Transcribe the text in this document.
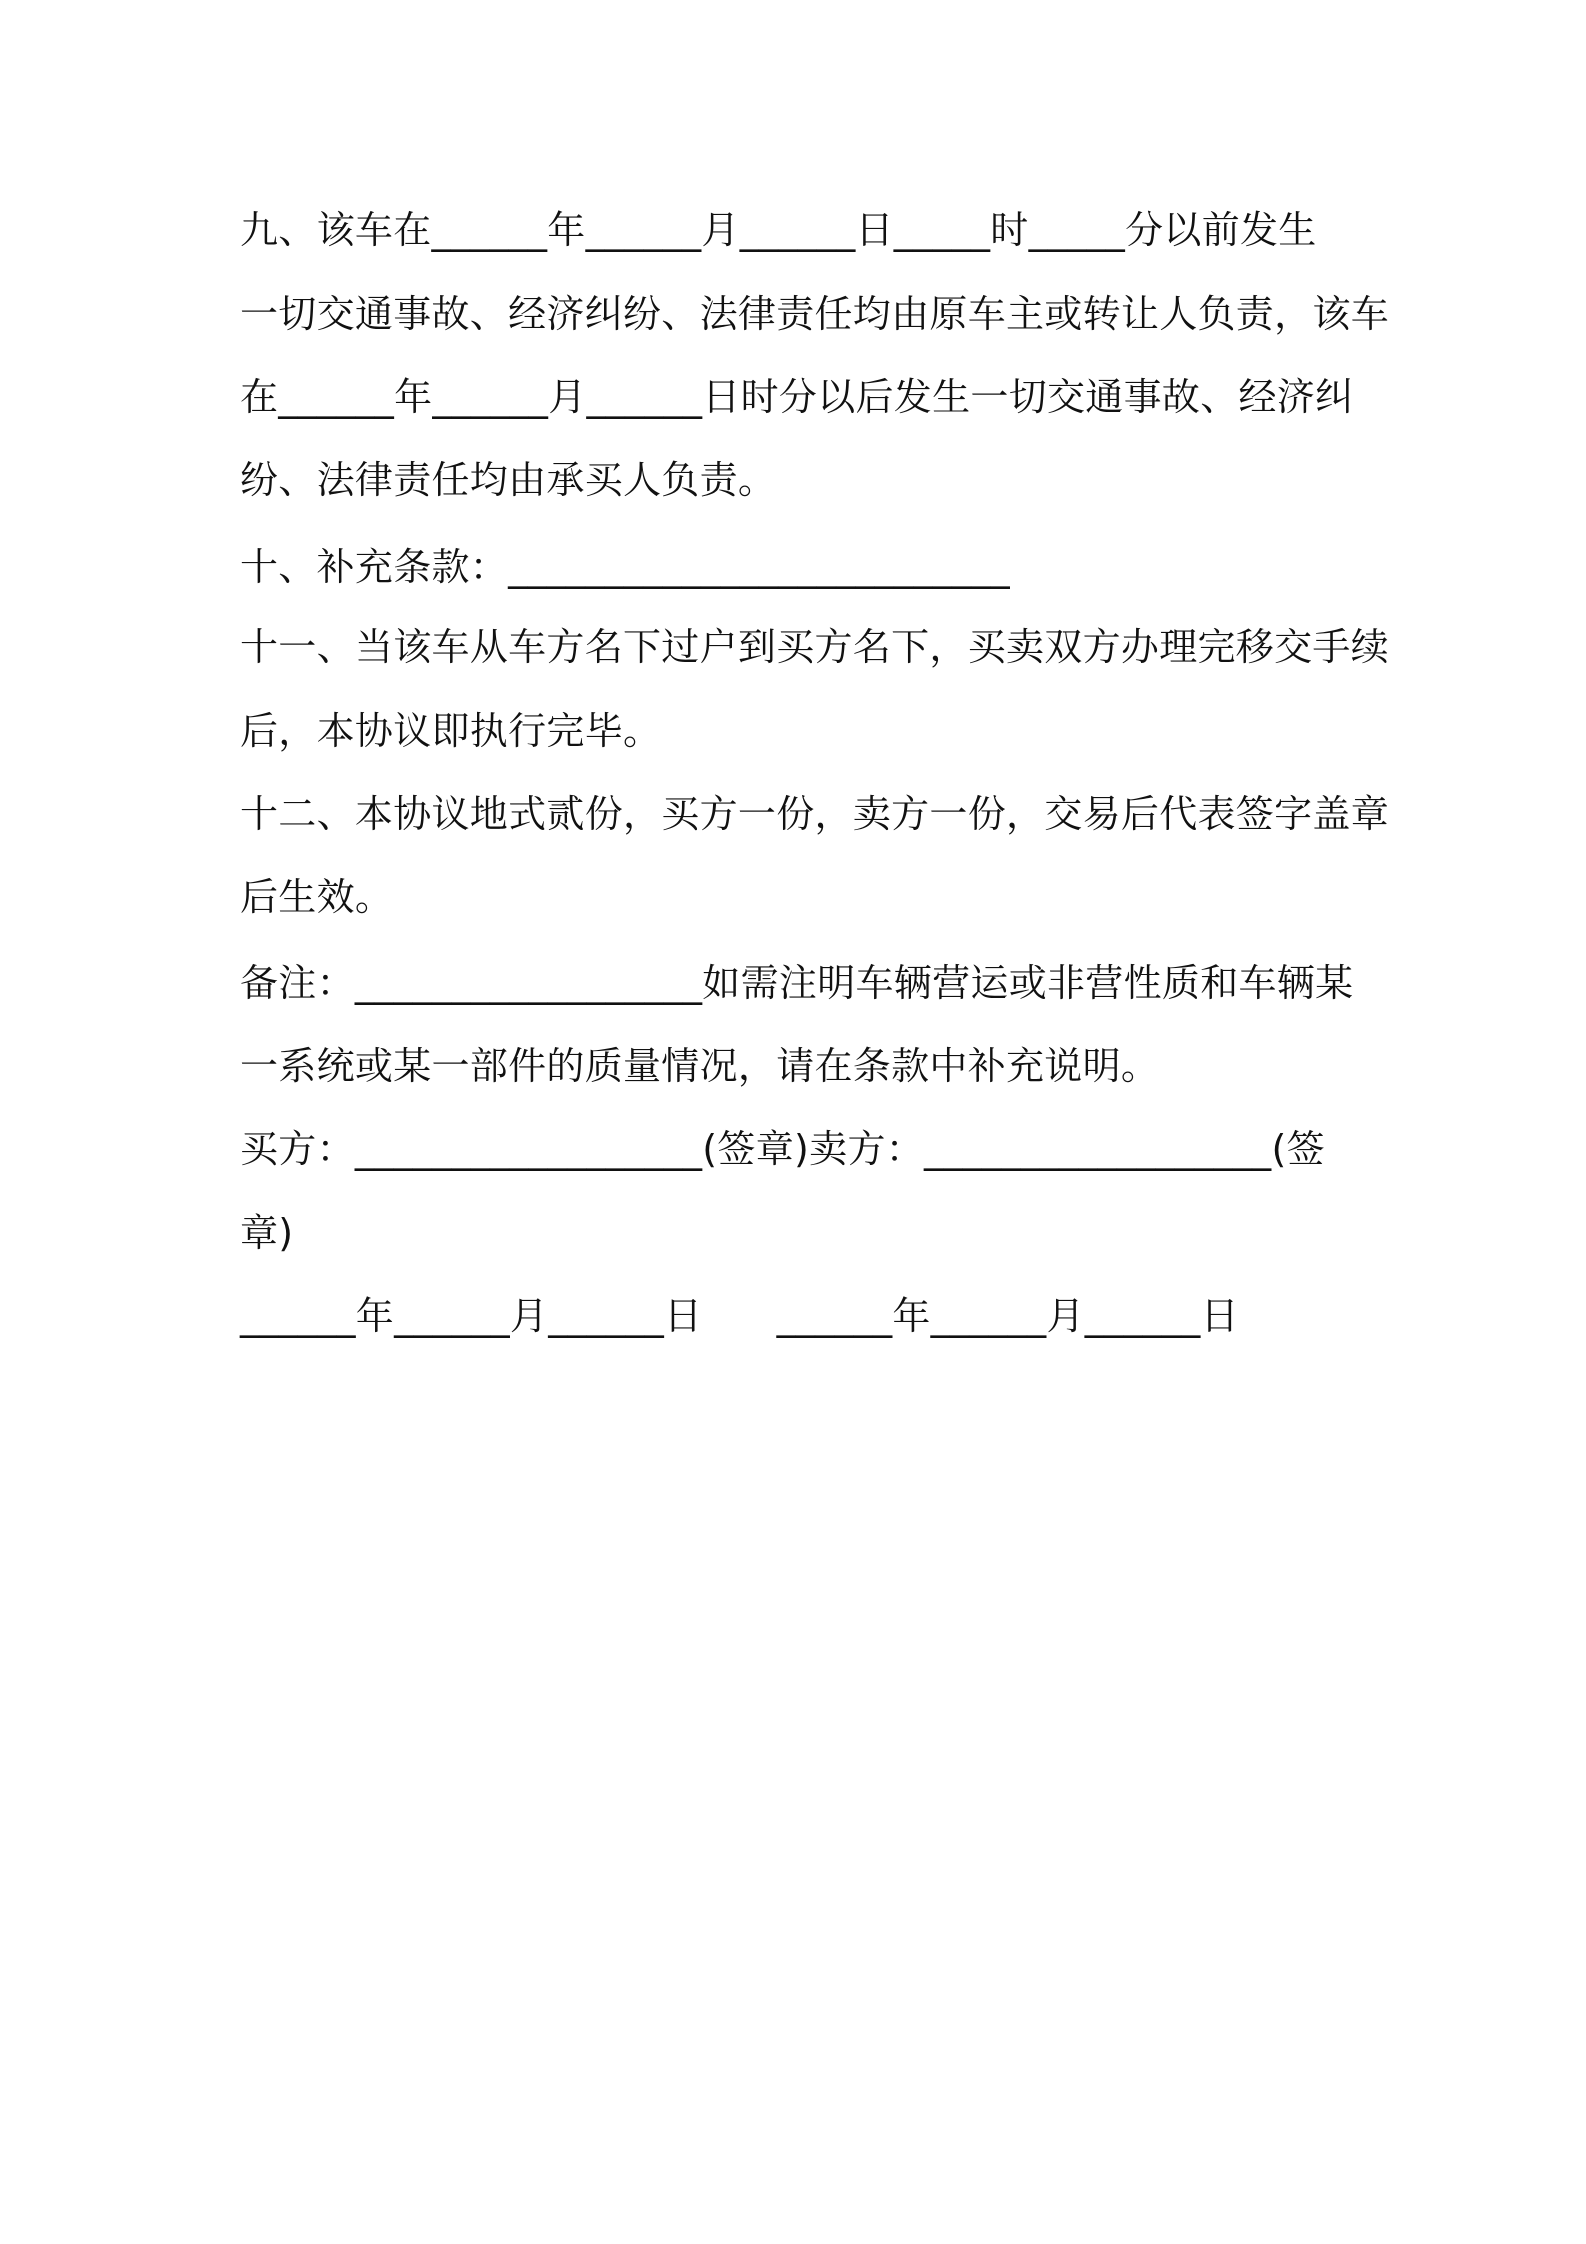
九、该车在______年______月______日_____时_____分以前发生
一切交通事故、经济纠纷、法律责任均由原车主或转让人负责，该车
在______年______月______日时分以后发生一切交通事故、经济纠
纷、法律责任均由承买人负责。
十、补充条款：__________________________
十一、当该车从车方名下过户到买方名下，买卖双方办理完移交手续
后，本协议即执行完毕。
十二、本协议地式贰份，买方一份，卖方一份，交易后代表签字盖章
后生效。
备注：__________________如需注明车辆营运或非营性质和车辆某
一系统或某一部件的质量情况，请在条款中补充说明。
买方：__________________(签章)卖方：__________________(签
章)
______年______月______日      ______年______月______日
